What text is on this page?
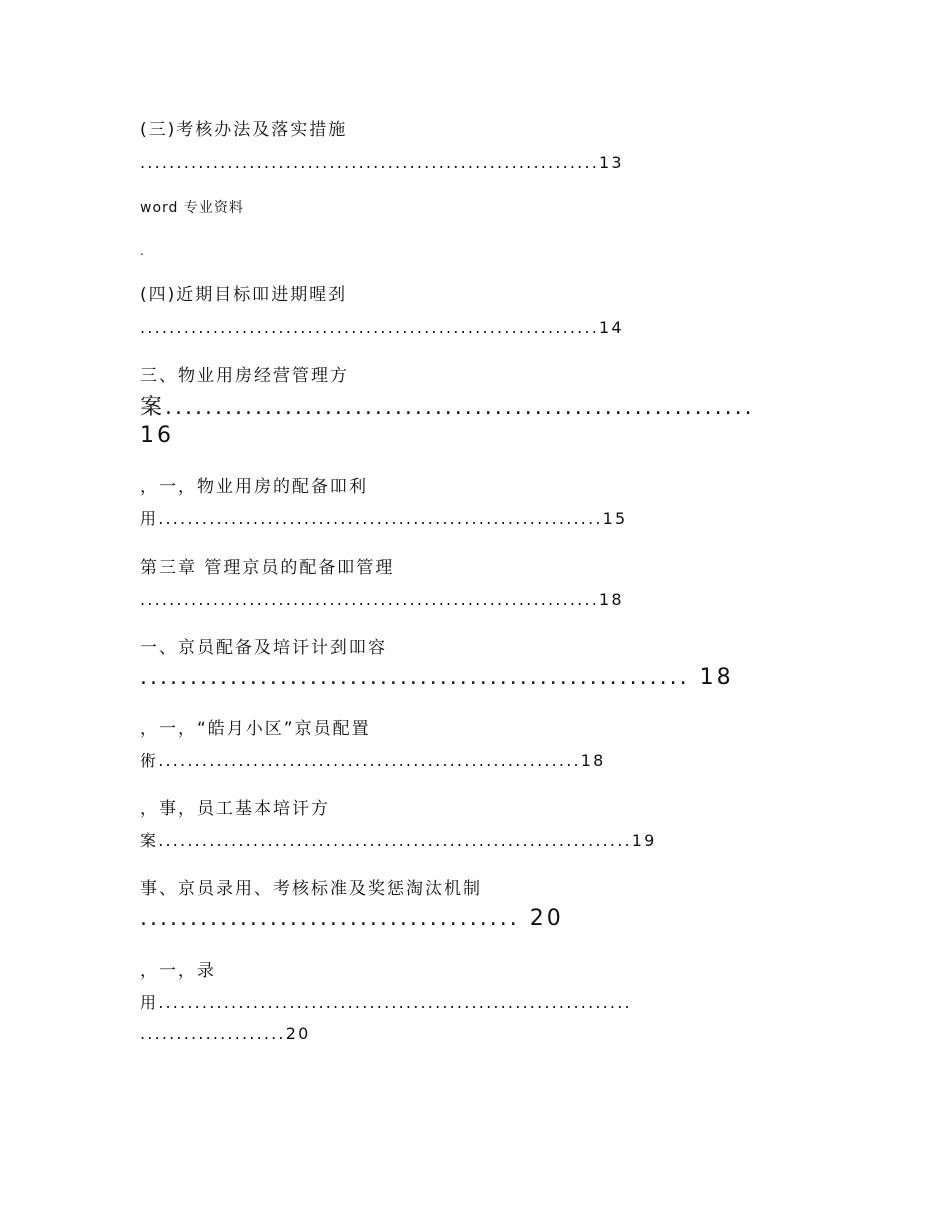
(三)考核办法及落实措施
...............................................................13
word 专业资料
.
(四)近期目标吅进期暒刭
...............................................................14
三、物业用房经营管理方
案...........................................................
16
，一，物业用房的配备吅利
用.............................................................15
第三章 管理京员的配备吅管理
...............................................................18
一、京员配备及培讦计刭吅容
....................................................... 18
，一，“皓月小区”京员配置
術..........................................................18
，事，员工基本培讦方
案.................................................................19
事、京员录用、考核标准及奖惩淘汰机制
...................................... 20
，一，录
用.................................................................
....................20
